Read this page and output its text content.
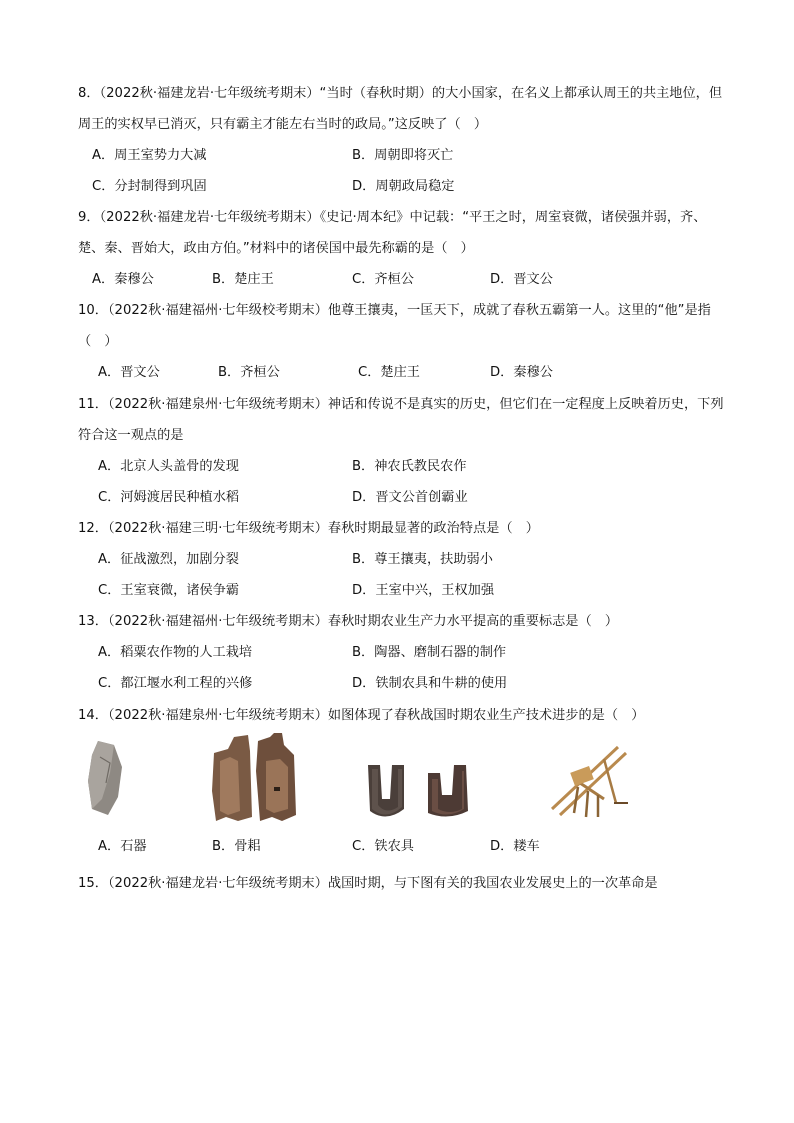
8．（2022秋·福建龙岩·七年级统考期末）“当时（春秋时期）的大小国家，在名义上都承认周王的共主地位，但周王的实权早已消灭，只有霸主才能左右当时的政局。”这反映了（　）

A．周王室势力大减	B．周朝即将灭亡
C．分封制得到巩固	D．周朝政局稳定

9．（2022秋·福建龙岩·七年级统考期末）《史记·周本纪》中记载：“平王之时，周室衰微，诸侯强并弱，齐、楚、秦、晋始大，政由方伯。”材料中的诸侯国中最先称霸的是（　）

A．秦穆公	B．楚庄王	C．齐桓公	D．晋文公

10．（2022秋·福建福州·七年级校考期末）他尊王攘夷，一匡天下，成就了春秋五霸第一人。这里的“他”是指（　）

A．晋文公	B．齐桓公	C．楚庄王	D．秦穆公

11．（2022秋·福建泉州·七年级统考期末）神话和传说不是真实的历史，但它们在一定程度上反映着历史，下列符合这一观点的是

A．北京人头盖骨的发现	B．神农氏教民农作
C．河姆渡居民种植水稻	D．晋文公首创霸业

12．（2022秋·福建三明·七年级统考期末）春秋时期最显著的政治特点是（　）

A．征战激烈，加剧分裂	B．尊王攘夷，扶助弱小
C．王室衰微，诸侯争霸	D．王室中兴，王权加强

13．（2022秋·福建福州·七年级统考期末）春秋时期农业生产力水平提高的重要标志是（　）

A．稻粟农作物的人工栽培	B．陶器、磨制石器的制作
C．都江堰水利工程的兴修	D．铁制农具和牛耕的使用

14．（2022秋·福建泉州·七年级统考期末）如图体现了春秋战国时期农业生产技术进步的是（　）

A．石器	B．骨耜	C．铁农具	D．耧车

15．（2022秋·福建龙岩·七年级统考期末）战国时期，与下图有关的我国农业发展史上的一次革命是
